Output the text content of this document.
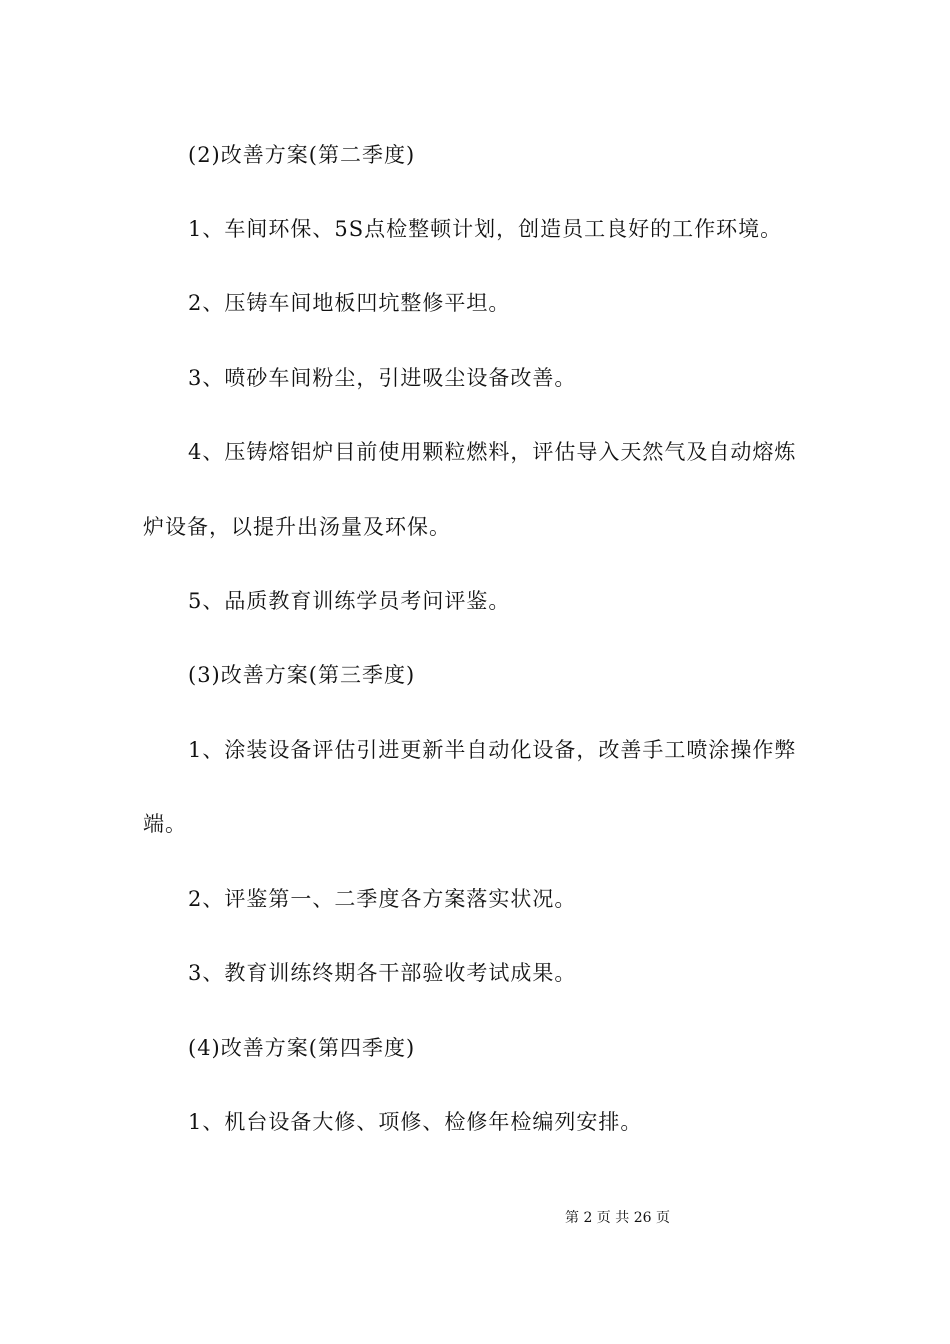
(2)改善方案(第二季度)
1、车间环保、5S点检整顿计划，创造员工良好的工作环境。
2、压铸车间地板凹坑整修平坦。
3、喷砂车间粉尘，引进吸尘设备改善。
4、压铸熔铝炉目前使用颗粒燃料，评估导入天然气及自动熔炼
炉设备，以提升出汤量及环保。
5、品质教育训练学员考问评鉴。
(3)改善方案(第三季度)
1、涂装设备评估引进更新半自动化设备，改善手工喷涂操作弊
端。
2、评鉴第一、二季度各方案落实状况。
3、教育训练终期各干部验收考试成果。
(4)改善方案(第四季度)
1、机台设备大修、项修、检修年检编列安排。
第 2 页 共 26 页
